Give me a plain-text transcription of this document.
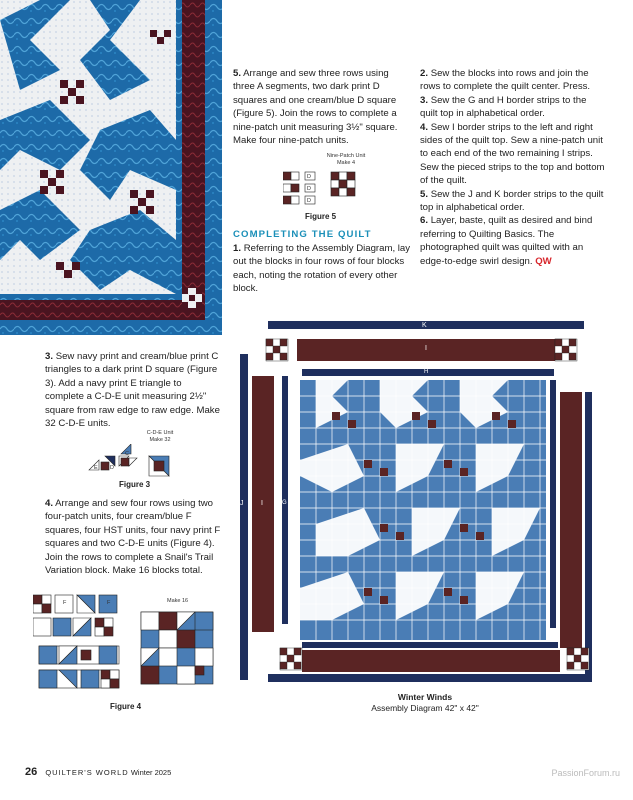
5. Arrange and sew three rows using three A segments, two dark print D squares and one cream/blue D square (Figure 5). Join the rows to complete a nine-patch unit measuring 3½" square. Make four nine-patch units.

Nine-Patch Unit
Make 4
D
D
D
Figure 5
COMPLETING THE QUILT

1. Referring to the Assembly Diagram, lay out the blocks in four rows of four blocks each, noting the rotation of every other block.

2. Sew the blocks into rows and join the rows to complete the quilt center. Press.

3. Sew the G and H border strips to the quilt top in alphabetical order.

4. Sew I border strips to the left and right sides of the quilt top. Sew a nine-patch unit to each end of the two remaining I strips. Sew the pieced strips to the top and bottom of the quilt.

5. Sew the J and K border strips to the quilt top in alphabetical order.

6. Layer, baste, quilt as desired and bind referring to Quilting Basics. The photographed quilt was quilted with an edge-to-edge swirl design. QW

3. Sew navy print and cream/blue print C triangles to a dark print D square (Figure 3). Add a navy print E triangle to complete a C-D-E unit measuring 2½" square from raw edge to raw edge. Make 32 C-D-E units.

C-D-E Unit
Make 32
C
D
E
Figure 3

4. Arrange and sew four rows using two four-patch units, four cream/blue F squares, four HST units, four navy print F squares and two C-D-E units (Figure 4). Join the rows to complete a Snail's Trail Variation block. Make 16 blocks total.

F	F	Make 16
Figure 4
K
I
H
J	I	G
Winter Winds
Assembly Diagram 42" x 42"
26 QUILTER'S WORLD Winter 2025	PassionForum.ru
